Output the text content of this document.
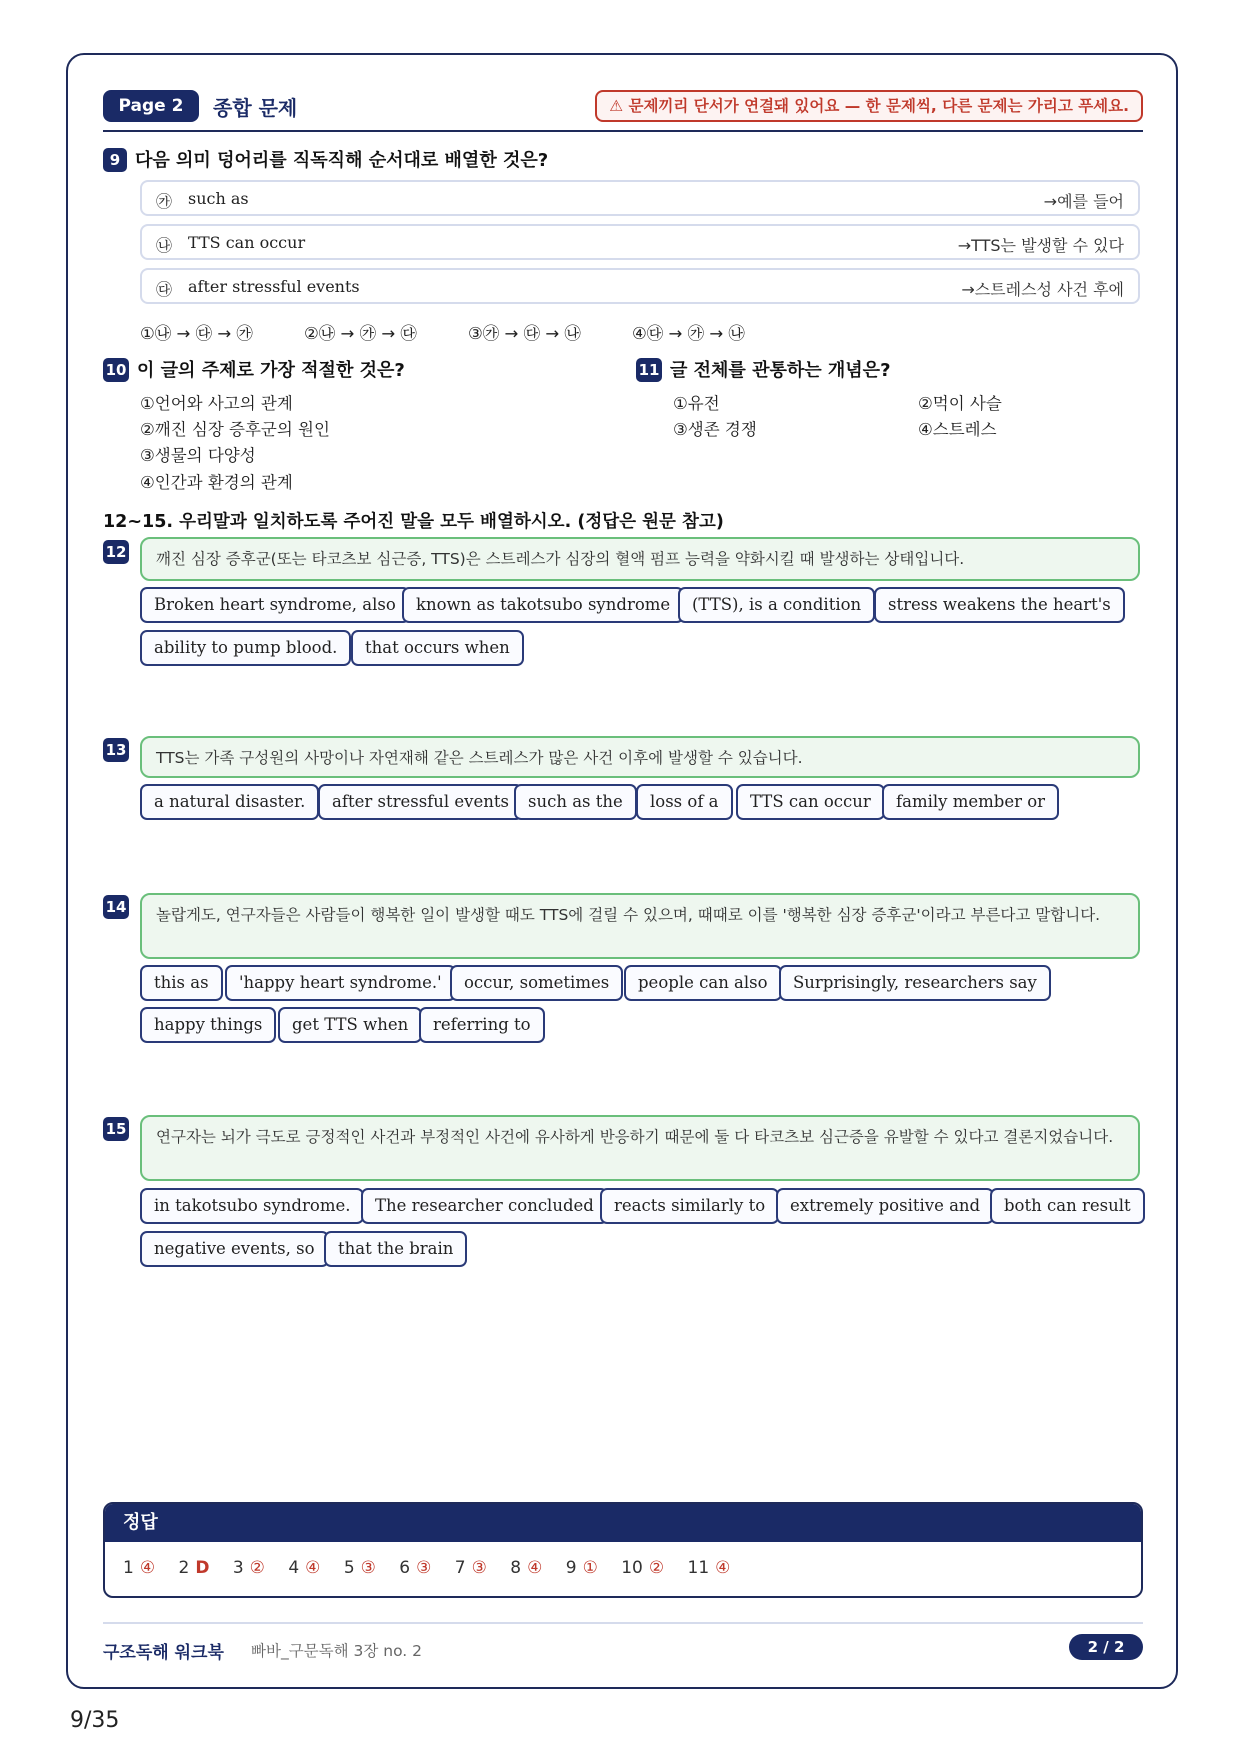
Page 2	종합 문제	⚠ 문제끼리 단서가 연결돼 있어요 — 한 문제씩, 다른 문제는 가리고 푸세요.
9 다음 의미 덩어리를 직독직해 순서대로 배열한 것은?
㉮ such as	→예를 들어
㉯ TTS can occur	→TTS는 발생할 수 있다
㉰ after stressful events	→스트레스성 사건 후에
①㉯ → ㉰ → ㉮	②㉯ → ㉮ → ㉰	③㉮ → ㉰ → ㉯	④㉰ → ㉮ → ㉯
10 이 글의 주제로 가장 적절한 것은?
①언어와 사고의 관계
②깨진 심장 증후군의 원인
③생물의 다양성
④인간과 환경의 관계
11 글 전체를 관통하는 개념은?
①유전	②먹이 사슬
③생존 경쟁	④스트레스
12~15. 우리말과 일치하도록 주어진 말을 모두 배열하시오. (정답은 원문 참고)
12	깨진 심장 증후군(또는 타코츠보 심근증, TTS)은 스트레스가 심장의 혈액 펌프 능력을 약화시킬 때 발생하는 상태입니다.
Broken heart syndrome, also	known as takotsubo syndrome	(TTS), is a condition	stress weakens the heart's
ability to pump blood.	that occurs when
13	TTS는 가족 구성원의 사망이나 자연재해 같은 스트레스가 많은 사건 이후에 발생할 수 있습니다.
a natural disaster.	after stressful events	such as the	loss of a	TTS can occur	family member or
14	놀랍게도, 연구자들은 사람들이 행복한 일이 발생할 때도 TTS에 걸릴 수 있으며, 때때로 이를 '행복한 심장 증후군'이라고 부른다고 말합니다.
this as	'happy heart syndrome.'	occur, sometimes	people can also	Surprisingly, researchers say
happy things	get TTS when	referring to
15	연구자는 뇌가 극도로 긍정적인 사건과 부정적인 사건에 유사하게 반응하기 때문에 둘 다 타코츠보 심근증을 유발할 수 있다고 결론지었습니다.
in takotsubo syndrome.	The researcher concluded	reacts similarly to	extremely positive and	both can result
negative events, so	that the brain
정답
1 ④ 2 D 3 ② 4 ④ 5 ③ 6 ③ 7 ③ 8 ④ 9 ① 10 ② 11 ④
구조독해 워크북 빠바_구문독해 3장 no. 2	2 / 2
9/35
